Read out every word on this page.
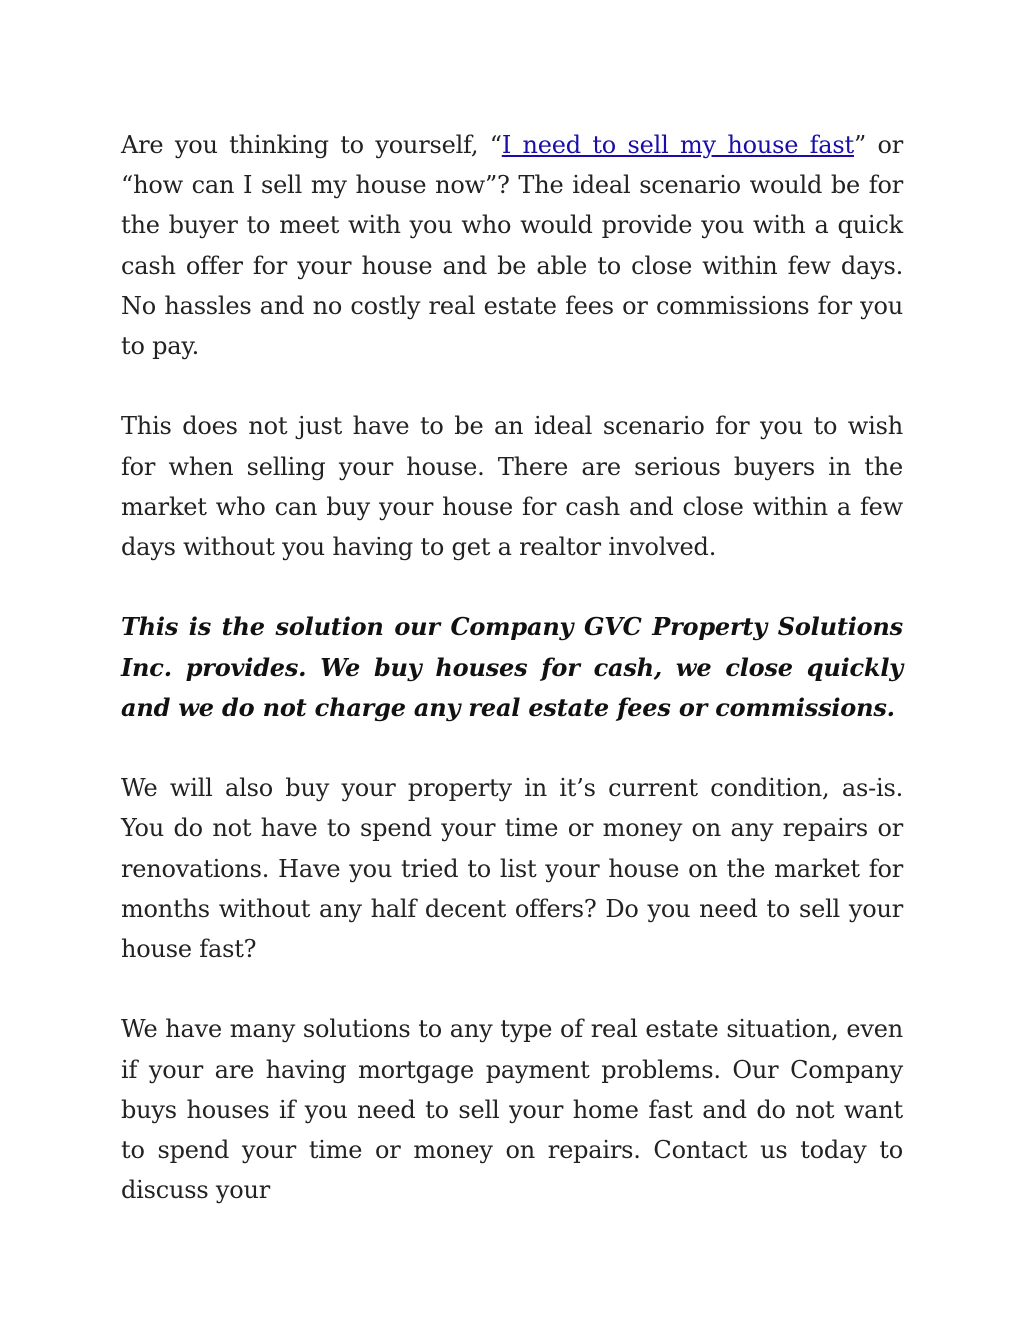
Are you thinking to yourself, “I need to sell my house fast” or “how can I sell my house now”? The ideal scenario would be for the buyer to meet with you who would provide you with a quick cash offer for your house and be able to close within few days. No hassles and no costly real estate fees or commissions for you to pay.

This does not just have to be an ideal scenario for you to wish for when selling your house. There are serious buyers in the market who can buy your house for cash and close within a few days without you having to get a realtor involved.

This is the solution our Company GVC Property Solutions Inc. provides. We buy houses for cash, we close quickly and we do not charge any real estate fees or commissions.

We will also buy your property in it’s current condition, as-is. You do not have to spend your time or money on any repairs or renovations. Have you tried to list your house on the market for months without any half decent offers? Do you need to sell your house fast?

We have many solutions to any type of real estate situation, even if your are having mortgage payment problems. Our Company buys houses if you need to sell your home fast and do not want to spend your time or money on repairs. Contact us today to discuss your
